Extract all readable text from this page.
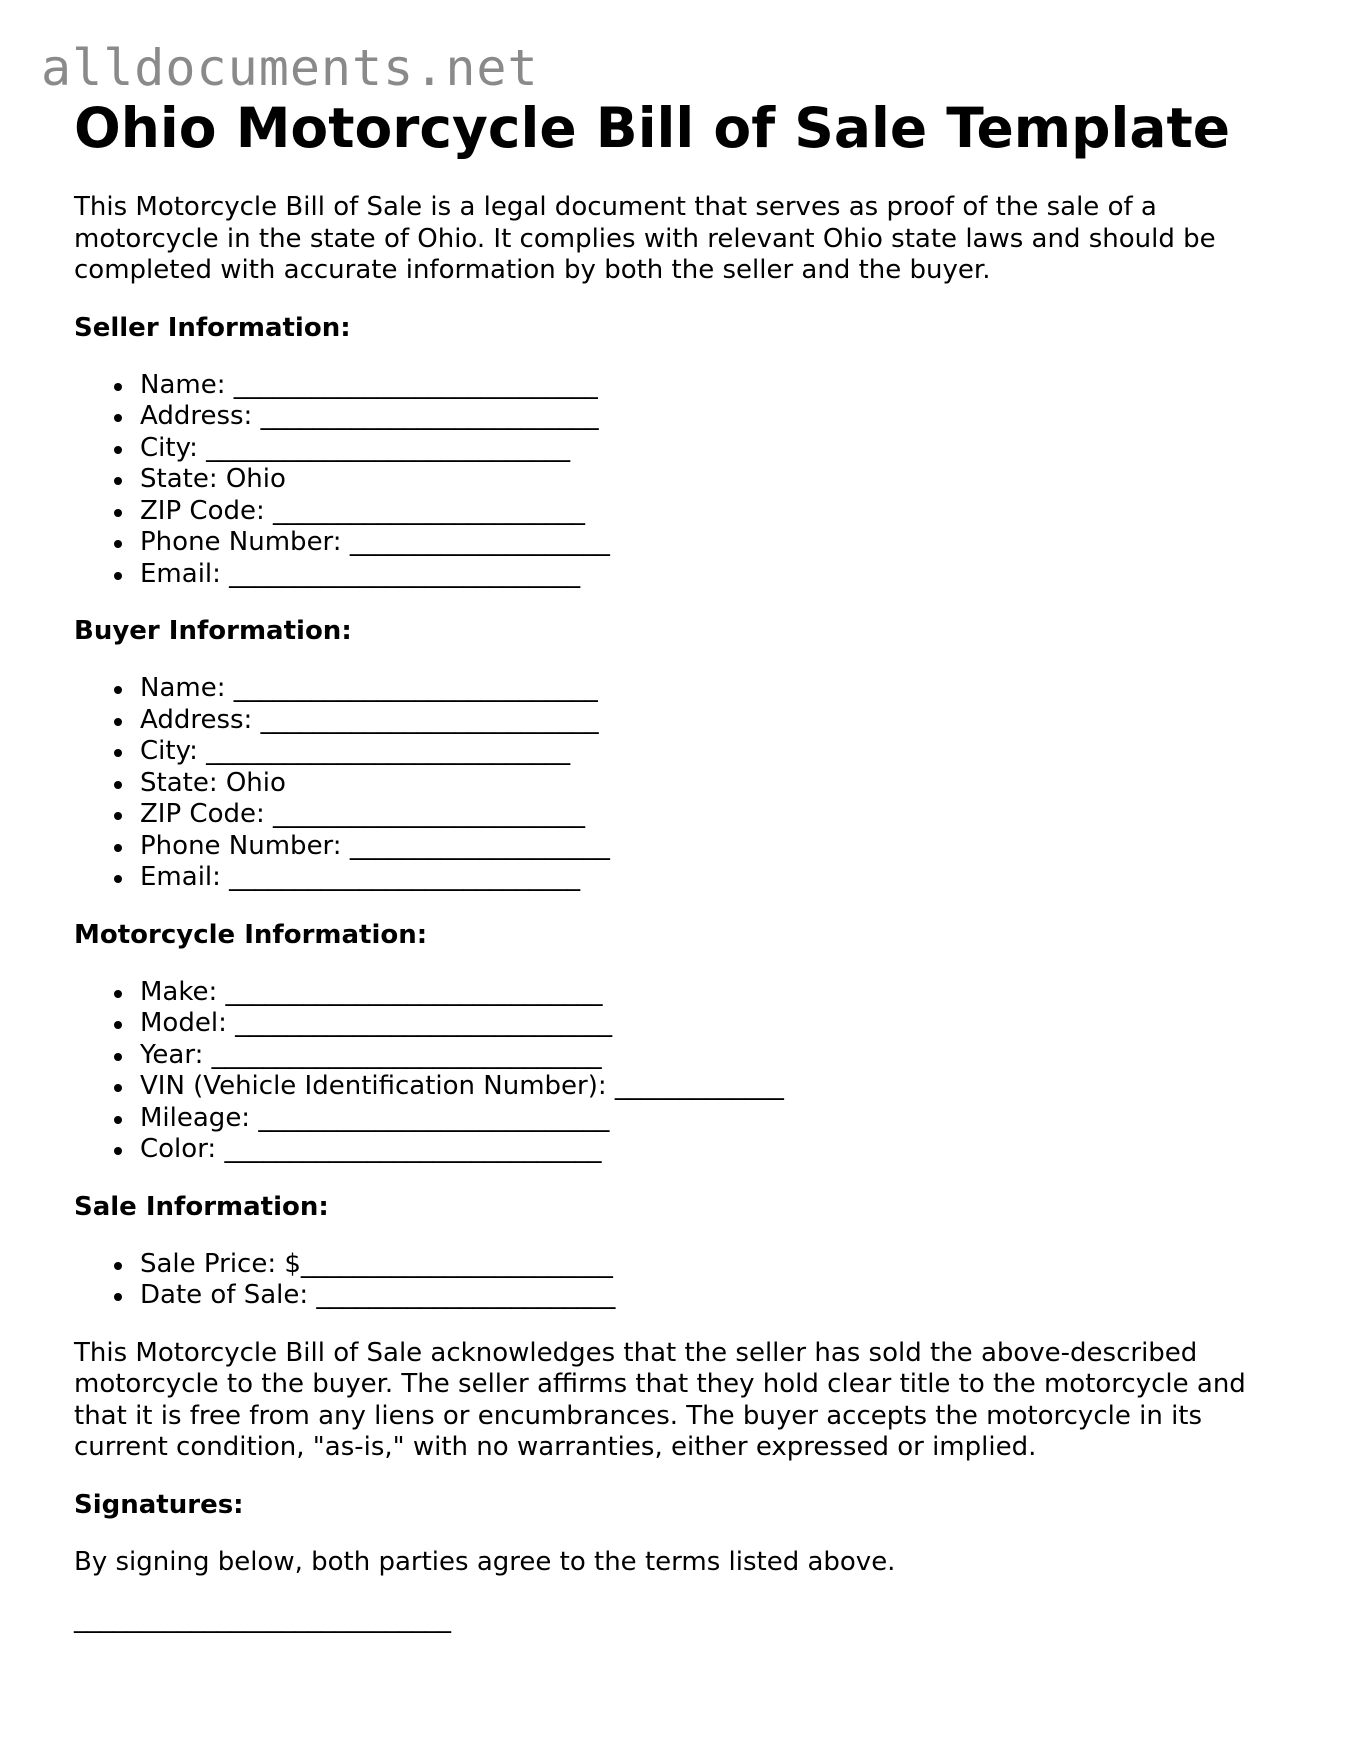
alldocuments.net
Ohio Motorcycle Bill of Sale Template

This Motorcycle Bill of Sale is a legal document that serves as proof of the sale of a motorcycle in the state of Ohio. It complies with relevant Ohio state laws and should be completed with accurate information by both the seller and the buyer.

Seller Information:
Name: ____________________________
Address: __________________________
City: ____________________________
State: Ohio
ZIP Code: ________________________
Phone Number: ____________________
Email: ___________________________
Buyer Information:
Name: ____________________________
Address: __________________________
City: ____________________________
State: Ohio
ZIP Code: ________________________
Phone Number: ____________________
Email: ___________________________
Motorcycle Information:
Make: _____________________________
Model: _____________________________
Year: ______________________________
VIN (Vehicle Identification Number): _____________
Mileage: ___________________________
Color: _____________________________
Sale Information:
Sale Price: $________________________
Date of Sale: _______________________

This Motorcycle Bill of Sale acknowledges that the seller has sold the above-described motorcycle to the buyer. The seller affirms that they hold clear title to the motorcycle and that it is free from any liens or encumbrances. The buyer accepts the motorcycle in its current condition, "as-is," with no warranties, either expressed or implied.

Signatures:

By signing below, both parties agree to the terms listed above.

_____________________________
